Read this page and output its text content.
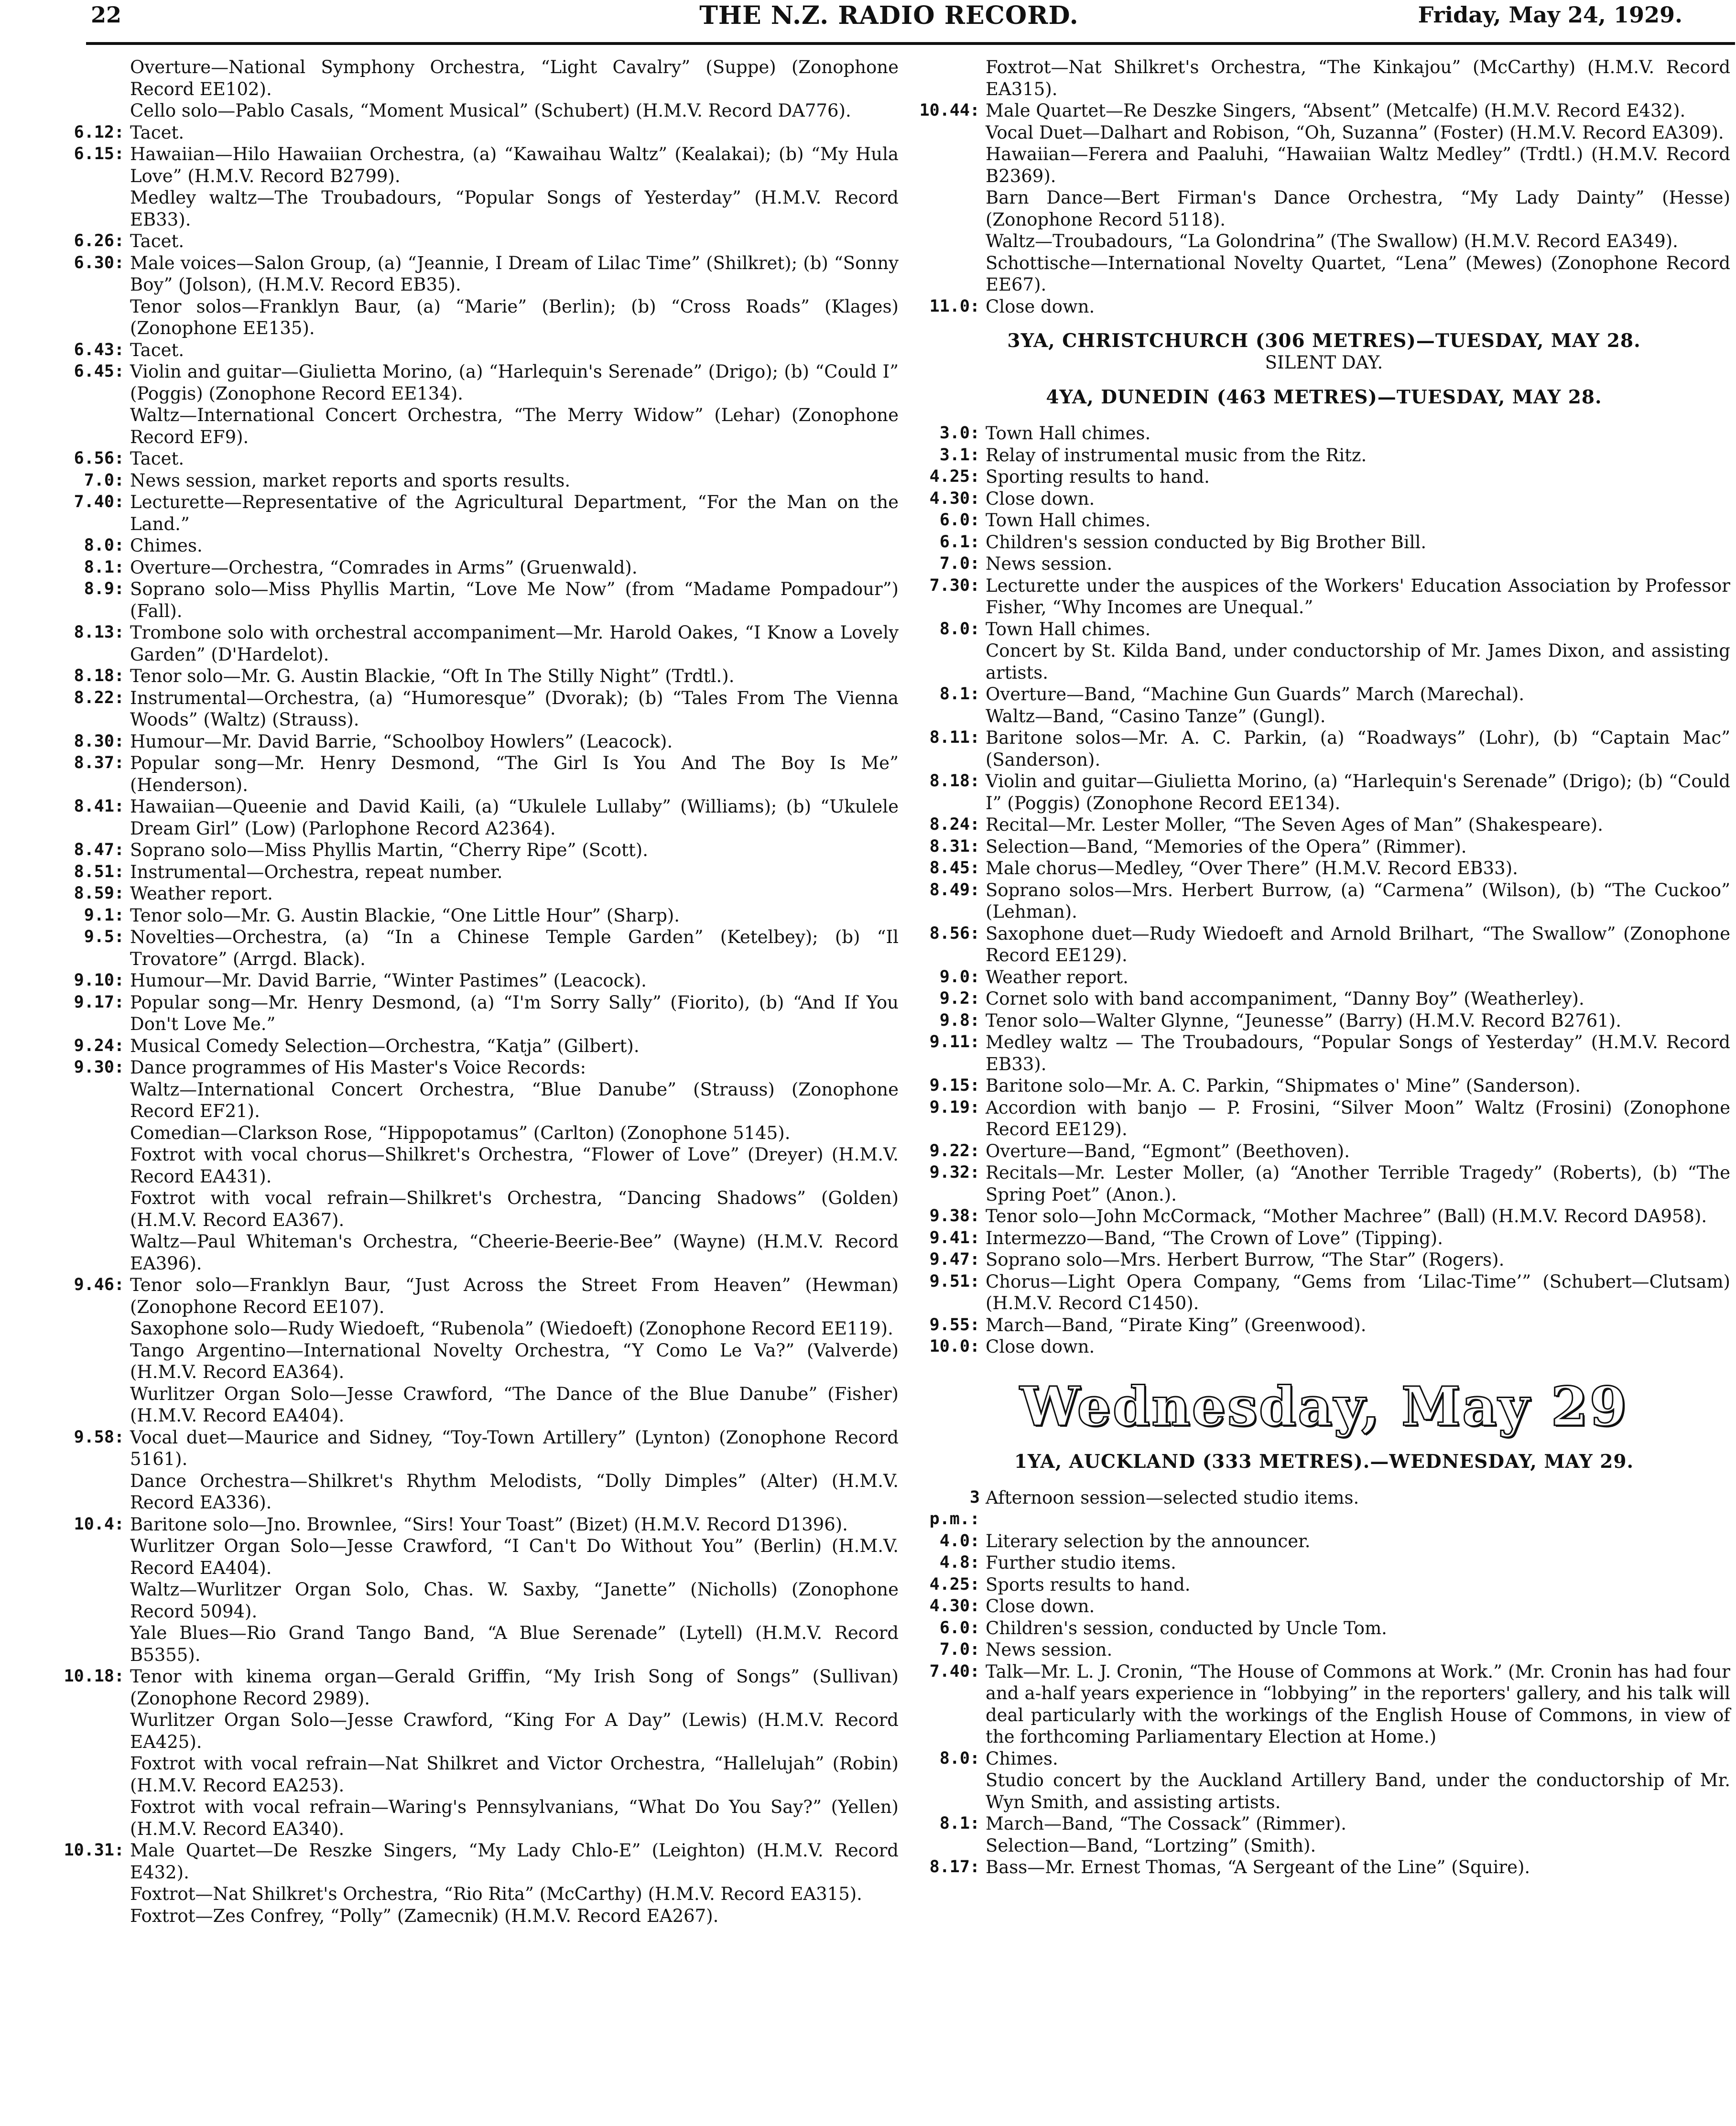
22	THE N.Z. RADIO RECORD.	Friday, May 24, 1929.
Overture—National Symphony Orchestra, “Light Cavalry” (Suppe) (Zonophone Record EE102).
Cello solo—Pablo Casals, “Moment Musical” (Schubert) (H.M.V. Record DA776).
6.12: Tacet.
6.15: Hawaiian—Hilo Hawaiian Orchestra, (a) “Kawaihau Waltz” (Kealakai); (b) “My Hula Love” (H.M.V. Record B2799).
Medley waltz—The Troubadours, “Popular Songs of Yesterday” (H.M.V. Record EB33).
6.26: Tacet.
6.30: Male voices—Salon Group, (a) “Jeannie, I Dream of Lilac Time” (Shilkret); (b) “Sonny Boy” (Jolson), (H.M.V. Record EB35).
Tenor solos—Franklyn Baur, (a) “Marie” (Berlin); (b) “Cross Roads” (Klages) (Zonophone EE135).
6.43: Tacet.
6.45: Violin and guitar—Giulietta Morino, (a) “Harlequin's Serenade” (Drigo); (b) “Could I” (Poggis) (Zonophone Record EE134).
Waltz—International Concert Orchestra, “The Merry Widow” (Lehar) (Zonophone Record EF9).
6.56: Tacet.
7.0: News session, market reports and sports results.
7.40: Lecturette—Representative of the Agricultural Department, “For the Man on the Land.”
8.0: Chimes.
8.1: Overture—Orchestra, “Comrades in Arms” (Gruenwald).
8.9: Soprano solo—Miss Phyllis Martin, “Love Me Now” (from “Madame Pompadour”) (Fall).
8.13: Trombone solo with orchestral accompaniment—Mr. Harold Oakes, “I Know a Lovely Garden” (D'Hardelot).
8.18: Tenor solo—Mr. G. Austin Blackie, “Oft In The Stilly Night” (Trdtl.).
8.22: Instrumental—Orchestra, (a) “Humoresque” (Dvorak); (b) “Tales From The Vienna Woods” (Waltz) (Strauss).
8.30: Humour—Mr. David Barrie, “Schoolboy Howlers” (Leacock).
8.37: Popular song—Mr. Henry Desmond, “The Girl Is You And The Boy Is Me” (Henderson).
8.41: Hawaiian—Queenie and David Kaili, (a) “Ukulele Lullaby” (Williams); (b) “Ukulele Dream Girl” (Low) (Parlophone Record A2364).
8.47: Soprano solo—Miss Phyllis Martin, “Cherry Ripe” (Scott).
8.51: Instrumental—Orchestra, repeat number.
8.59: Weather report.
9.1: Tenor solo—Mr. G. Austin Blackie, “One Little Hour” (Sharp).
9.5: Novelties—Orchestra, (a) “In a Chinese Temple Garden” (Ketelbey); (b) “Il Trovatore” (Arrgd. Black).
9.10: Humour—Mr. David Barrie, “Winter Pastimes” (Leacock).
9.17: Popular song—Mr. Henry Desmond, (a) “I'm Sorry Sally” (Fiorito), (b) “And If You Don't Love Me.”
9.24: Musical Comedy Selection—Orchestra, “Katja” (Gilbert).
9.30: Dance programmes of His Master's Voice Records:
Waltz—International Concert Orchestra, “Blue Danube” (Strauss) (Zonophone Record EF21).
Comedian—Clarkson Rose, “Hippopotamus” (Carlton) (Zonophone 5145).
Foxtrot with vocal chorus—Shilkret's Orchestra, “Flower of Love” (Dreyer) (H.M.V. Record EA431).
Foxtrot with vocal refrain—Shilkret's Orchestra, “Dancing Shadows” (Golden) (H.M.V. Record EA367).
Waltz—Paul Whiteman's Orchestra, “Cheerie-Beerie-Bee” (Wayne) (H.M.V. Record EA396).
9.46: Tenor solo—Franklyn Baur, “Just Across the Street From Heaven” (Hewman) (Zonophone Record EE107).
Saxophone solo—Rudy Wiedoeft, “Rubenola” (Wiedoeft) (Zonophone Record EE119).
Tango Argentino—International Novelty Orchestra, “Y Como Le Va?” (Valverde) (H.M.V. Record EA364).
Wurlitzer Organ Solo—Jesse Crawford, “The Dance of the Blue Danube” (Fisher) (H.M.V. Record EA404).
9.58: Vocal duet—Maurice and Sidney, “Toy-Town Artillery” (Lynton) (Zonophone Record 5161).
Dance Orchestra—Shilkret's Rhythm Melodists, “Dolly Dimples” (Alter) (H.M.V. Record EA336).
10.4: Baritone solo—Jno. Brownlee, “Sirs! Your Toast” (Bizet) (H.M.V. Record D1396).
Wurlitzer Organ Solo—Jesse Crawford, “I Can't Do Without You” (Berlin) (H.M.V. Record EA404).
Waltz—Wurlitzer Organ Solo, Chas. W. Saxby, “Janette” (Nicholls) (Zonophone Record 5094).
Yale Blues—Rio Grand Tango Band, “A Blue Serenade” (Lytell) (H.M.V. Record B5355).
10.18: Tenor with kinema organ—Gerald Griffin, “My Irish Song of Songs” (Sullivan) (Zonophone Record 2989).
Wurlitzer Organ Solo—Jesse Crawford, “King For A Day” (Lewis) (H.M.V. Record EA425).
Foxtrot with vocal refrain—Nat Shilkret and Victor Orchestra, “Hallelujah” (Robin) (H.M.V. Record EA253).
Foxtrot with vocal refrain—Waring's Pennsylvanians, “What Do You Say?” (Yellen) (H.M.V. Record EA340).
10.31: Male Quartet—De Reszke Singers, “My Lady Chlo-E” (Leighton) (H.M.V. Record E432).
Foxtrot—Nat Shilkret's Orchestra, “Rio Rita” (McCarthy) (H.M.V. Record EA315).
Foxtrot—Zes Confrey, “Polly” (Zamecnik) (H.M.V. Record EA267).
Foxtrot—Nat Shilkret's Orchestra, “The Kinkajou” (McCarthy) (H.M.V. Record EA315).
10.44: Male Quartet—Re Deszke Singers, “Absent” (Metcalfe) (H.M.V. Record E432).
Vocal Duet—Dalhart and Robison, “Oh, Suzanna” (Foster) (H.M.V. Record EA309).
Hawaiian—Ferera and Paaluhi, “Hawaiian Waltz Medley” (Trdtl.) (H.M.V. Record B2369).
Barn Dance—Bert Firman's Dance Orchestra, “My Lady Dainty” (Hesse) (Zonophone Record 5118).
Waltz—Troubadours, “La Golondrina” (The Swallow) (H.M.V. Record EA349).
Schottische—International Novelty Quartet, “Lena” (Mewes) (Zonophone Record EE67).
11.0: Close down.
3YA, CHRISTCHURCH (306 METRES)—TUESDAY, MAY 28.
SILENT DAY.
4YA, DUNEDIN (463 METRES)—TUESDAY, MAY 28.
3.0: Town Hall chimes.
3.1: Relay of instrumental music from the Ritz.
4.25: Sporting results to hand.
4.30: Close down.
6.0: Town Hall chimes.
6.1: Children's session conducted by Big Brother Bill.
7.0: News session.
7.30: Lecturette under the auspices of the Workers' Education Association by Professor Fisher, “Why Incomes are Unequal.”
8.0: Town Hall chimes.
Concert by St. Kilda Band, under conductorship of Mr. James Dixon, and assisting artists.
8.1: Overture—Band, “Machine Gun Guards” March (Marechal).
Waltz—Band, “Casino Tanze” (Gungl).
8.11: Baritone solos—Mr. A. C. Parkin, (a) “Roadways” (Lohr), (b) “Captain Mac” (Sanderson).
8.18: Violin and guitar—Giulietta Morino, (a) “Harlequin's Serenade” (Drigo); (b) “Could I” (Poggis) (Zonophone Record EE134).
8.24: Recital—Mr. Lester Moller, “The Seven Ages of Man” (Shakespeare).
8.31: Selection—Band, “Memories of the Opera” (Rimmer).
8.45: Male chorus—Medley, “Over There” (H.M.V. Record EB33).
8.49: Soprano solos—Mrs. Herbert Burrow, (a) “Carmena” (Wilson), (b) “The Cuckoo” (Lehman).
8.56: Saxophone duet—Rudy Wiedoeft and Arnold Brilhart, “The Swallow” (Zonophone Record EE129).
9.0: Weather report.
9.2: Cornet solo with band accompaniment, “Danny Boy” (Weatherley).
9.8: Tenor solo—Walter Glynne, “Jeunesse” (Barry) (H.M.V. Record B2761).
9.11: Medley waltz — The Troubadours, “Popular Songs of Yesterday” (H.M.V. Record EB33).
9.15: Baritone solo—Mr. A. C. Parkin, “Shipmates o' Mine” (Sanderson).
9.19: Accordion with banjo — P. Frosini, “Silver Moon” Waltz (Frosini) (Zonophone Record EE129).
9.22: Overture—Band, “Egmont” (Beethoven).
9.32: Recitals—Mr. Lester Moller, (a) “Another Terrible Tragedy” (Roberts), (b) “The Spring Poet” (Anon.).
9.38: Tenor solo—John McCormack, “Mother Machree” (Ball) (H.M.V. Record DA958).
9.41: Intermezzo—Band, “The Crown of Love” (Tipping).
9.47: Soprano solo—Mrs. Herbert Burrow, “The Star” (Rogers).
9.51: Chorus—Light Opera Company, “Gems from ‘Lilac-Time’” (Schubert—Clutsam) (H.M.V. Record C1450).
9.55: March—Band, “Pirate King” (Greenwood).
10.0: Close down.
Wednesday, May 29
1YA, AUCKLAND (333 METRES).—WEDNESDAY, MAY 29.
3 p.m.:
Afternoon session—selected studio items.
4.0: Literary selection by the announcer.
4.8: Further studio items.
4.25: Sports results to hand.
4.30: Close down.
6.0: Children's session, conducted by Uncle Tom.
7.0: News session.
7.40: Talk—Mr. L. J. Cronin, “The House of Commons at Work.” (Mr. Cronin has had four and a-half years experience in “lobbying” in the reporters' gallery, and his talk will deal particularly with the workings of the English House of Commons, in view of the forthcoming Parliamentary Election at Home.)
8.0: Chimes.
Studio concert by the Auckland Artillery Band, under the conductorship of Mr. Wyn Smith, and assisting artists.
8.1: March—Band, “The Cossack” (Rimmer).
Selection—Band, “Lortzing” (Smith).
8.17: Bass—Mr. Ernest Thomas, “A Sergeant of the Line” (Squire).
